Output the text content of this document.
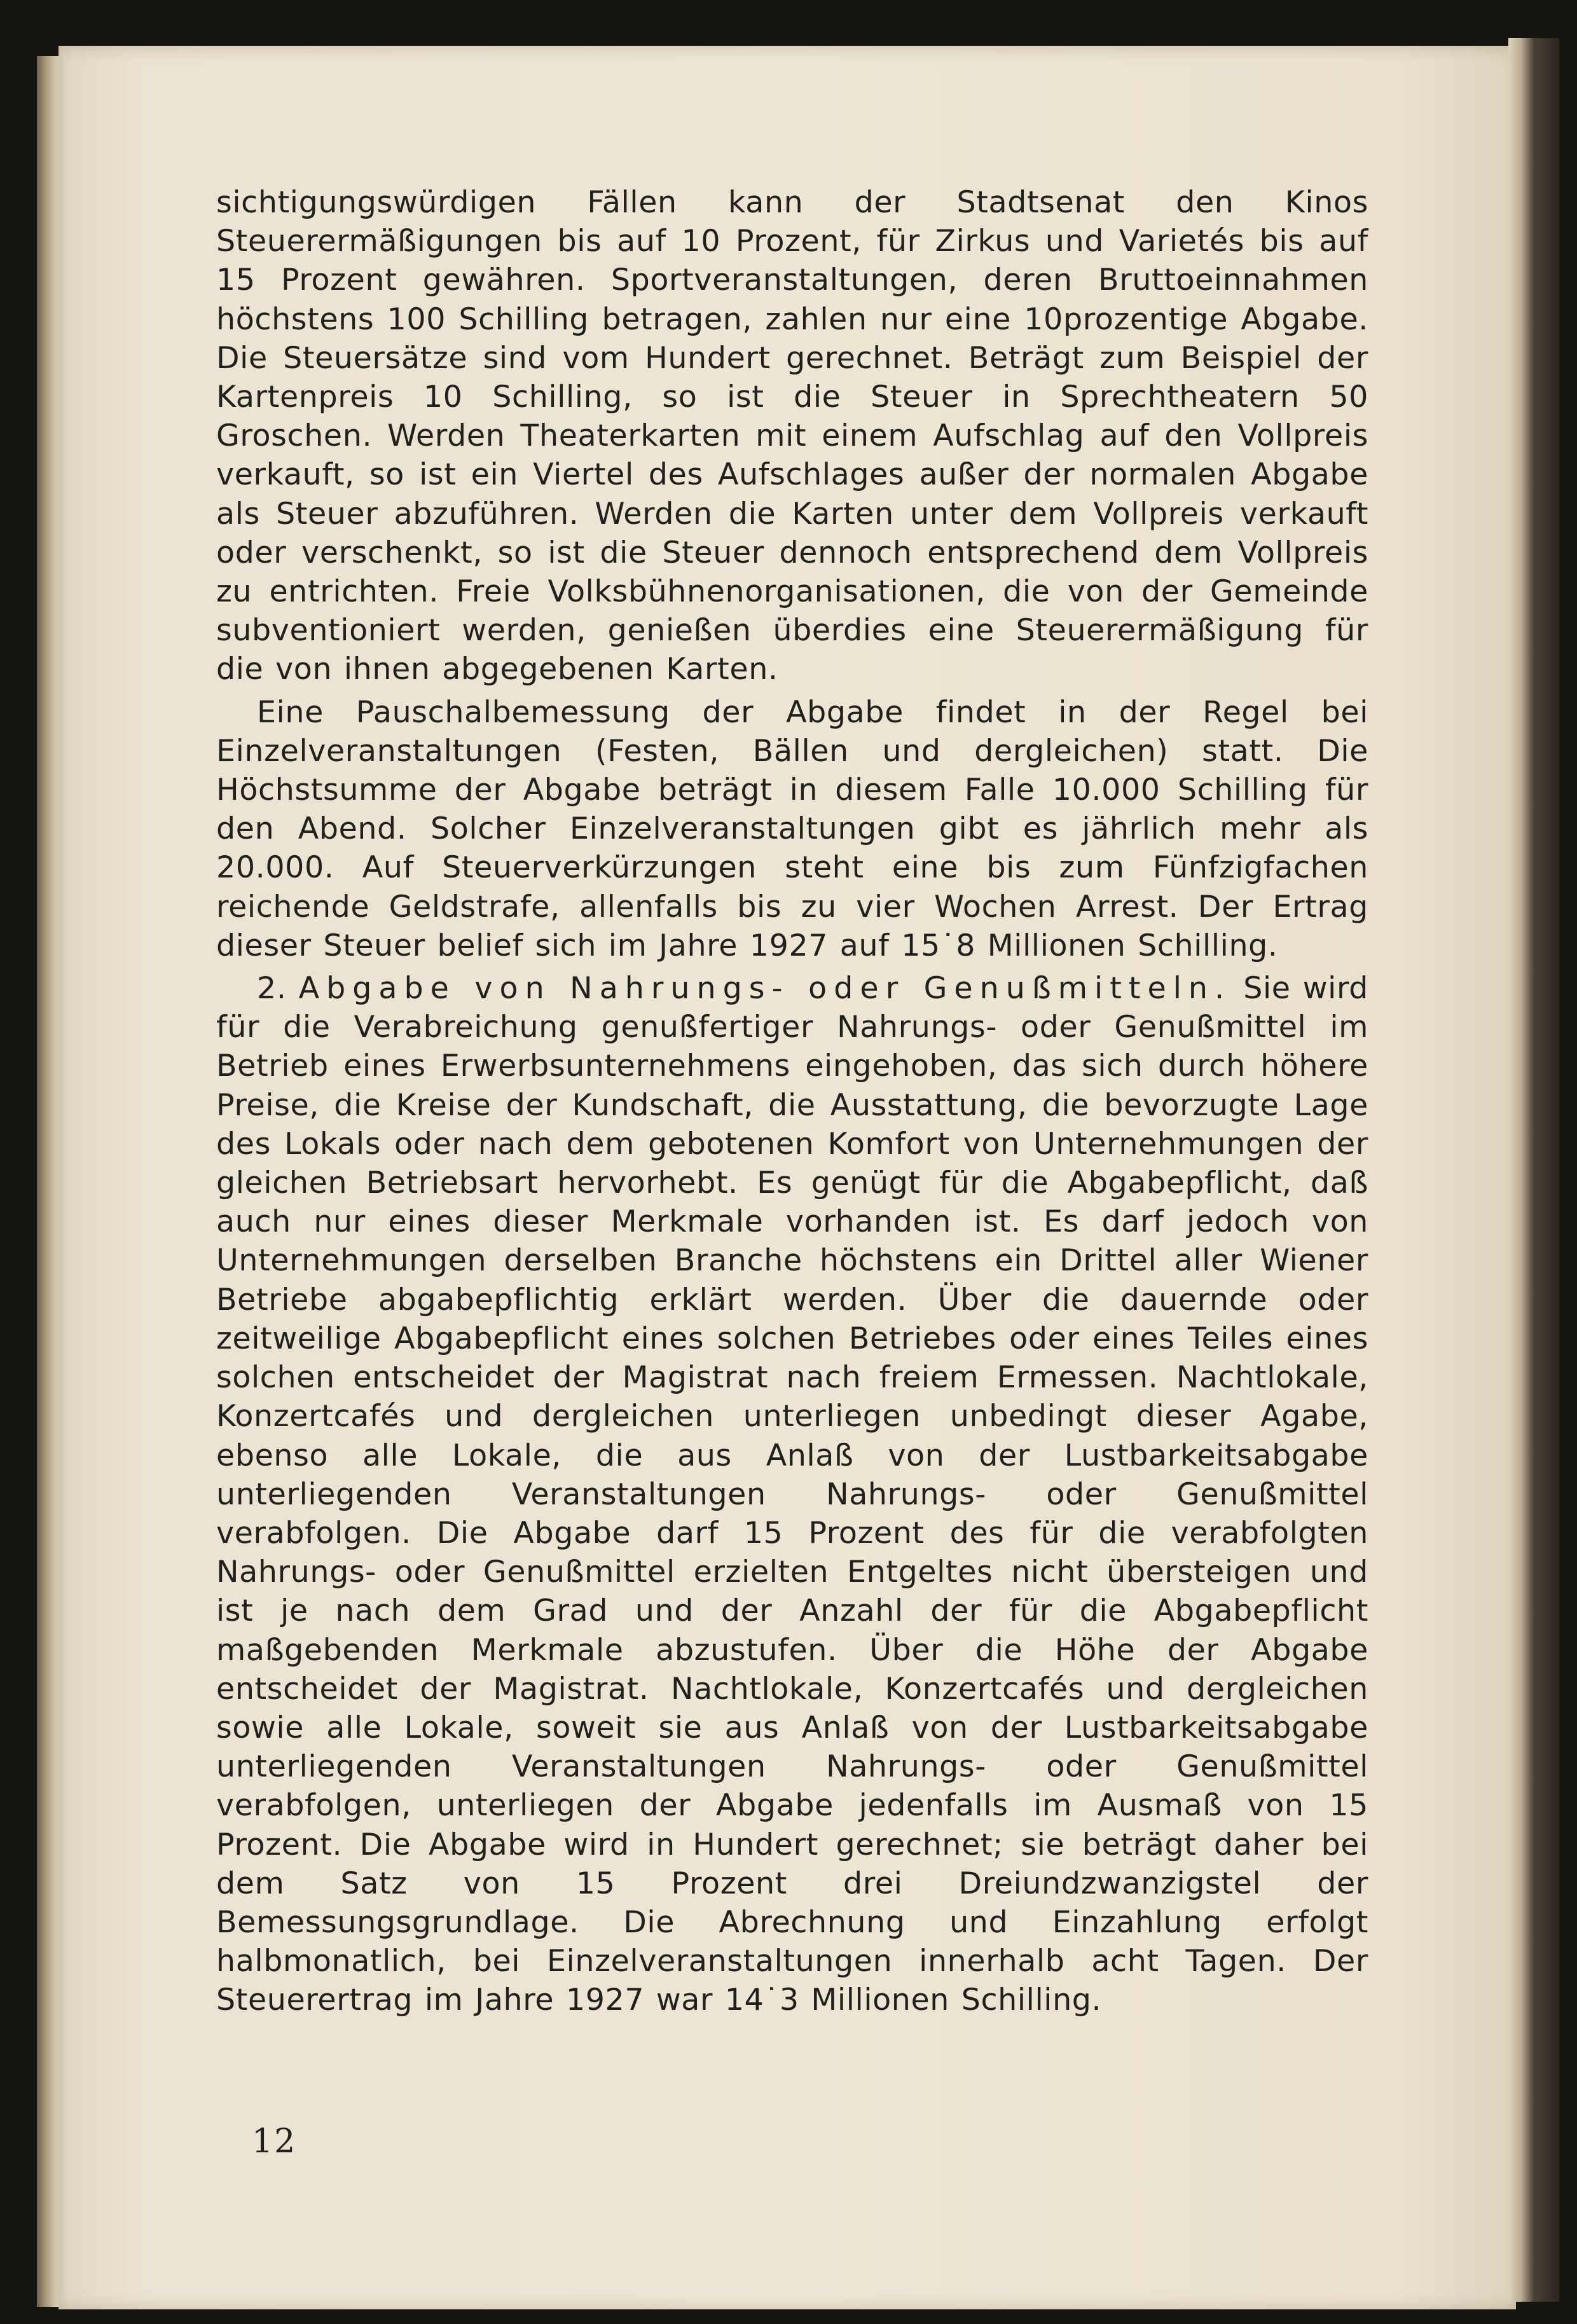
sichtigungswürdigen Fällen kann der Stadtsenat den Kinos Steuerermäßigungen bis auf 10 Prozent, für Zirkus und Varietés bis auf 15 Prozent gewähren. Sportveranstaltungen, deren Bruttoeinnahmen höchstens 100 Schilling betragen, zahlen nur eine 10prozentige Abgabe. Die Steuersätze sind vom Hundert gerechnet. Beträgt zum Beispiel der Kartenpreis 10 Schilling, so ist die Steuer in Sprechtheatern 50 Groschen. Werden Theaterkarten mit einem Aufschlag auf den Vollpreis verkauft, so ist ein Viertel des Aufschlages außer der normalen Abgabe als Steuer abzuführen. Werden die Karten unter dem Vollpreis verkauft oder verschenkt, so ist die Steuer dennoch entsprechend dem Vollpreis zu entrichten. Freie Volksbühnenorganisationen, die von der Gemeinde subventioniert werden, genießen überdies eine Steuerermäßigung für die von ihnen abgegebenen Karten.

Eine Pauschalbemessung der Abgabe findet in der Regel bei Einzelveranstaltungen (Festen, Bällen und dergleichen) statt. Die Höchstsumme der Abgabe beträgt in diesem Falle 10.000 Schilling für den Abend. Solcher Einzelveranstaltungen gibt es jährlich mehr als 20.000. Auf Steuerverkürzungen steht eine bis zum Fünfzigfachen reichende Geldstrafe, allenfalls bis zu vier Wochen Arrest. Der Ertrag dieser Steuer belief sich im Jahre 1927 auf 15˙8 Millionen Schilling.

2. Abgabe von Nahrungs- oder Genußmitteln. Sie wird für die Verabreichung genußfertiger Nahrungs- oder Genußmittel im Betrieb eines Erwerbsunternehmens eingehoben, das sich durch höhere Preise, die Kreise der Kundschaft, die Ausstattung, die bevorzugte Lage des Lokals oder nach dem gebotenen Komfort von Unternehmungen der gleichen Betriebsart hervorhebt. Es genügt für die Abgabepflicht, daß auch nur eines dieser Merkmale vorhanden ist. Es darf jedoch von Unternehmungen derselben Branche höchstens ein Drittel aller Wiener Betriebe abgabepflichtig erklärt werden. Über die dauernde oder zeitweilige Abgabepflicht eines solchen Betriebes oder eines Teiles eines solchen entscheidet der Magistrat nach freiem Ermessen. Nachtlokale, Konzertcafés und dergleichen unterliegen unbedingt dieser Agabe, ebenso alle Lokale, die aus Anlaß von der Lustbarkeitsabgabe unterliegenden Veranstaltungen Nahrungs- oder Genußmittel verabfolgen. Die Abgabe darf 15 Prozent des für die verabfolgten Nahrungs- oder Genußmittel erzielten Entgeltes nicht übersteigen und ist je nach dem Grad und der Anzahl der für die Abgabepflicht maßgebenden Merkmale abzustufen. Über die Höhe der Abgabe entscheidet der Magistrat. Nachtlokale, Konzertcafés und dergleichen sowie alle Lokale, soweit sie aus Anlaß von der Lustbarkeitsabgabe unterliegenden Veranstaltungen Nahrungs- oder Genußmittel verabfolgen, unterliegen der Abgabe jedenfalls im Ausmaß von 15 Prozent. Die Abgabe wird in Hundert gerechnet; sie beträgt daher bei dem Satz von 15 Prozent drei Dreiundzwanzigstel der Bemessungsgrundlage. Die Abrechnung und Einzahlung erfolgt halbmonatlich, bei Einzelveranstaltungen innerhalb acht Tagen. Der Steuerertrag im Jahre 1927 war 14˙3 Millionen Schilling.

12
